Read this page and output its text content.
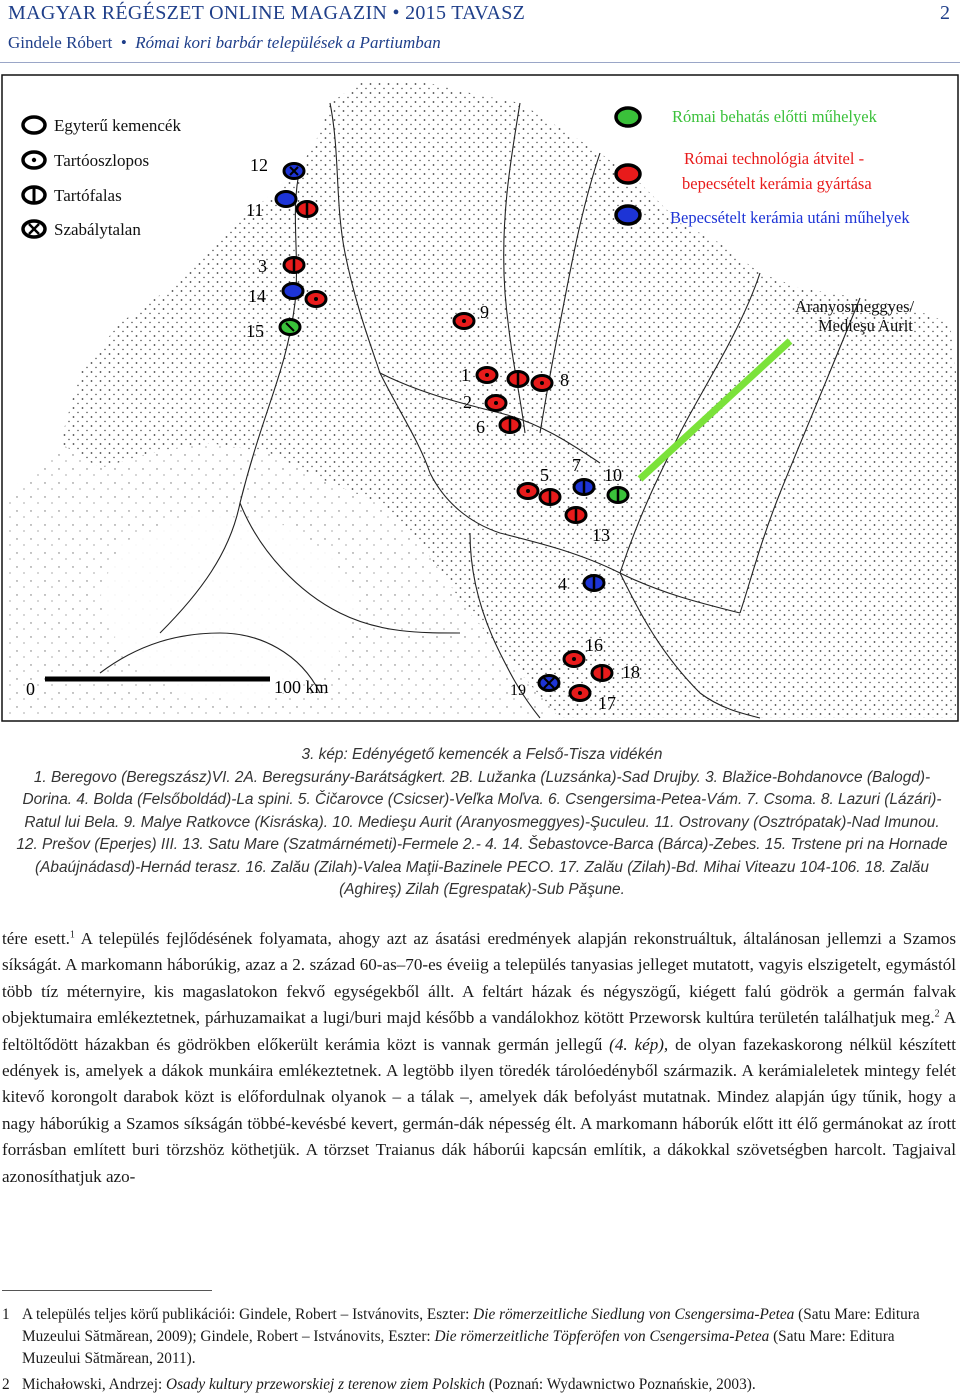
MAGYAR RÉGÉSZET ONLINE MAGAZIN • 2015 TAVASZ	2
Gindele Róbert  •  Római kori barbár települések a Partiumban
Egyterű kemencék
Tartóoszlopos
Tartófalas
Szabálytalan
Római behatás előtti műhelyek
Római technológia átvitel -
bepecsételt kerámia gyártása
Bepecsételt kerámia utáni műhelyek
Aranyosmeggyes/
Medieşu Aurit
0	100 km
12
11
3
14
15
9
1	8
2
6
5 7 10
13
4
16
18
19
17
3. kép: Edényégető kemencék a Felső-Tisza vidékén
1. Beregovo (Beregszász)VI. 2A. Beregsurány-Barátságkert. 2B. Lužanka (Luzsánka)-Sad Drujby. 3. Blažice-Bohdanovce (Balogd)-Dorina. 4. Bolda (Felsőboldád)-La spini. 5. Čičarovce (Csicser)-Veľka Moľva. 6. Csengersima-Petea-Vám. 7. Csoma. 8. Lazuri (Lázári)-Ratul lui Bela. 9. Malye Ratkovce (Kisráska). 10. Medieşu Aurit (Aranyosmeggyes)-Şuculeu. 11. Ostrovany (Osztrópatak)-Nad Imunou. 12. Prešov (Eperjes) III. 13. Satu Mare (Szatmárnémeti)-Fermele 2.- 4. 14. Šebastovce-Barca (Bárca)-Zebes. 15. Trstene pri na Hornade (Abaújnádasd)-Hernád terasz. 16. Zalău (Zilah)-Valea Maţii-Bazinele PECO. 17. Zalău (Zilah)-Bd. Mihai Viteazu 104-106. 18. Zalău (Aghireş) Zilah (Egrespatak)-Sub Păşune.

tére esett.$^1$ A település fejlődésének folyamata, ahogy azt az ásatási eredmények alapján rekonstruáltuk, általánosan jellemzi a Szamos síkságát. A markomann háborúkig, azaz a 2. század 60-as–70-es éveiig a település tanyasias jelleget mutatott, vagyis elszigetelt, egymástól több tíz méternyire, kis magaslatokon fekvő egységekből állt. A feltárt házak és négyszögű, kiégett falú gödrök a germán falvak objektumaira emlékeztetnek, párhuzamaikat a lugi/buri majd később a vandálokhoz kötött Przeworsk kultúra területén találhatjuk meg.$^2$ A feltöltődött házakban és gödrökben előkerült kerámia közt is vannak germán jellegű (4. kép), de olyan fazekaskorong nélkül készített edények is, amelyek a dákok munkáira emlékeztetnek. A legtöbb ilyen töredék tárolóedényből származik. A kerámialeletek mintegy felét kitevő korongolt darabok közt is előfordulnak olyanok – a tálak –, amelyek dák befolyást mutatnak. Mindez alapján úgy tűnik, hogy a nagy háborúkig a Szamos síkságán többé-kevésbé kevert, germán-dák népesség élt. A markomann háborúk előtt itt élő germánokat az írott forrásban említett buri törzshöz köthetjük. A törzset Traianus dák háborúi kapcsán említik, a dákokkal szövetségben harcolt. Tagjaival azonosíthatjuk azo-

1 A település teljes körű publikációi: Gindele, Robert – Istvánovits, Eszter: Die römerzeitliche Siedlung von Csengersima-Petea (Satu Mare: Editura Muzeului Sătmărean, 2009); Gindele, Robert – Istvánovits, Eszter: Die römerzeitliche Töpferöfen von Csengersima-Petea (Satu Mare: Editura Muzeului Sătmărean, 2011).
2 Michałowski, Andrzej: Osady kultury przeworskiej z terenow ziem Polskich (Poznań: Wydawnictwo Poznańskie, 2003).
